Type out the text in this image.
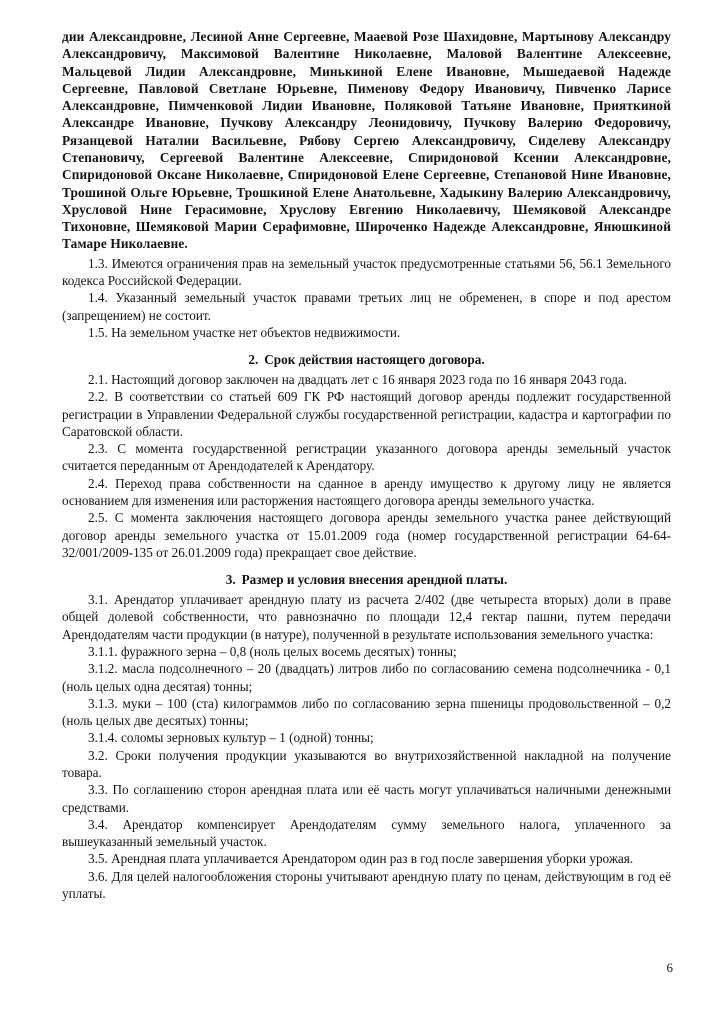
дии Александровне, Лесиной Анне Сергеевне, Мааевой Розе Шахидовне, Мартынову Александру Александровичу, Максимовой Валентине Николаевне, Маловой Валентине Алексеевне, Мальцевой Лидии Александровне, Минькиной Елене Ивановне, Мышедаевой Надежде Сергеевне, Павловой Светлане Юрьевне, Пименову Федору Ивановичу, Пивченко Ларисе Александровне, Пимченковой Лидии Ивановне, Поляковой Татьяне Ивановне, Прияткиной Александре Ивановне, Пучкову Александру Леонидовичу, Пучкову Валерию Федоровичу, Рязанцевой Наталии Васильевне, Рябову Сергею Александровичу, Сиделеву Александру Степановичу, Сергеевой Валентине Алексеевне, Спиридоновой Ксении Александровне, Спиридоновой Оксане Николаевне, Спиридоновой Елене Сергеевне, Степановой Нине Ивановне, Трошиной Ольге Юрьевне, Трошкиной Елене Анатольевне, Хадыкину Валерию Александровичу, Хрусловой Нине Герасимовне, Хруслову Евгению Николаевичу, Шемяковой Александре Тихоновне, Шемяковой Марии Серафимовне, Широченко Надежде Александровне, Янюшкиной Тамаре Николаевне.

1.3. Имеются ограничения прав на земельный участок предусмотренные статьями 56, 56.1 Земельного кодекса Российской Федерации.

1.4. Указанный земельный участок правами третьих лиц не обременен, в споре и под арестом (запрещением) не состоит.

1.5. На земельном участке нет объектов недвижимости.

2. Срок действия настоящего договора.

2.1. Настоящий договор заключен на двадцать лет с 16 января 2023 года по 16 января 2043 года.

2.2. В соответствии со статьей 609 ГК РФ настоящий договор аренды подлежит государственной регистрации в Управлении Федеральной службы государственной регистрации, кадастра и картографии по Саратовской области.

2.3. С момента государственной регистрации указанного договора аренды земельный участок считается переданным от Арендодателей к Арендатору.

2.4. Переход права собственности на сданное в аренду имущество к другому лицу не является основанием для изменения или расторжения настоящего договора аренды земельного участка.

2.5. С момента заключения настоящего договора аренды земельного участка ранее действующий договор аренды земельного участка от 15.01.2009 года (номер государственной регистрации 64-64-32/001/2009-135 от 26.01.2009 года) прекращает свое действие.

3. Размер и условия внесения арендной платы.

3.1. Арендатор уплачивает арендную плату из расчета 2/402 (две четыреста вторых) доли в праве общей долевой собственности, что равнозначно по площади 12,4 гектар пашни, путем передачи Арендодателям части продукции (в натуре), полученной в результате использования земельного участка:

3.1.1. фуражного зерна – 0,8 (ноль целых восемь десятых) тонны;

3.1.2. масла подсолнечного – 20 (двадцать) литров либо по согласованию семена подсолнечника - 0,1 (ноль целых одна десятая) тонны;

3.1.3. муки – 100 (ста) килограммов либо по согласованию зерна пшеницы продовольственной – 0,2 (ноль целых две десятых) тонны;

3.1.4. соломы зерновых культур – 1 (одной) тонны;

3.2. Сроки получения продукции указываются во внутрихозяйственной накладной на получение товара.

3.3. По соглашению сторон арендная плата или её часть могут уплачиваться наличными денежными средствами.

3.4. Арендатор компенсирует Арендодателям сумму земельного налога, уплаченного за вышеуказанный земельный участок.

3.5. Арендная плата уплачивается Арендатором один раз в год после завершения уборки урожая.

3.6. Для целей налогообложения стороны учитывают арендную плату по ценам, действующим в год её уплаты.

6
